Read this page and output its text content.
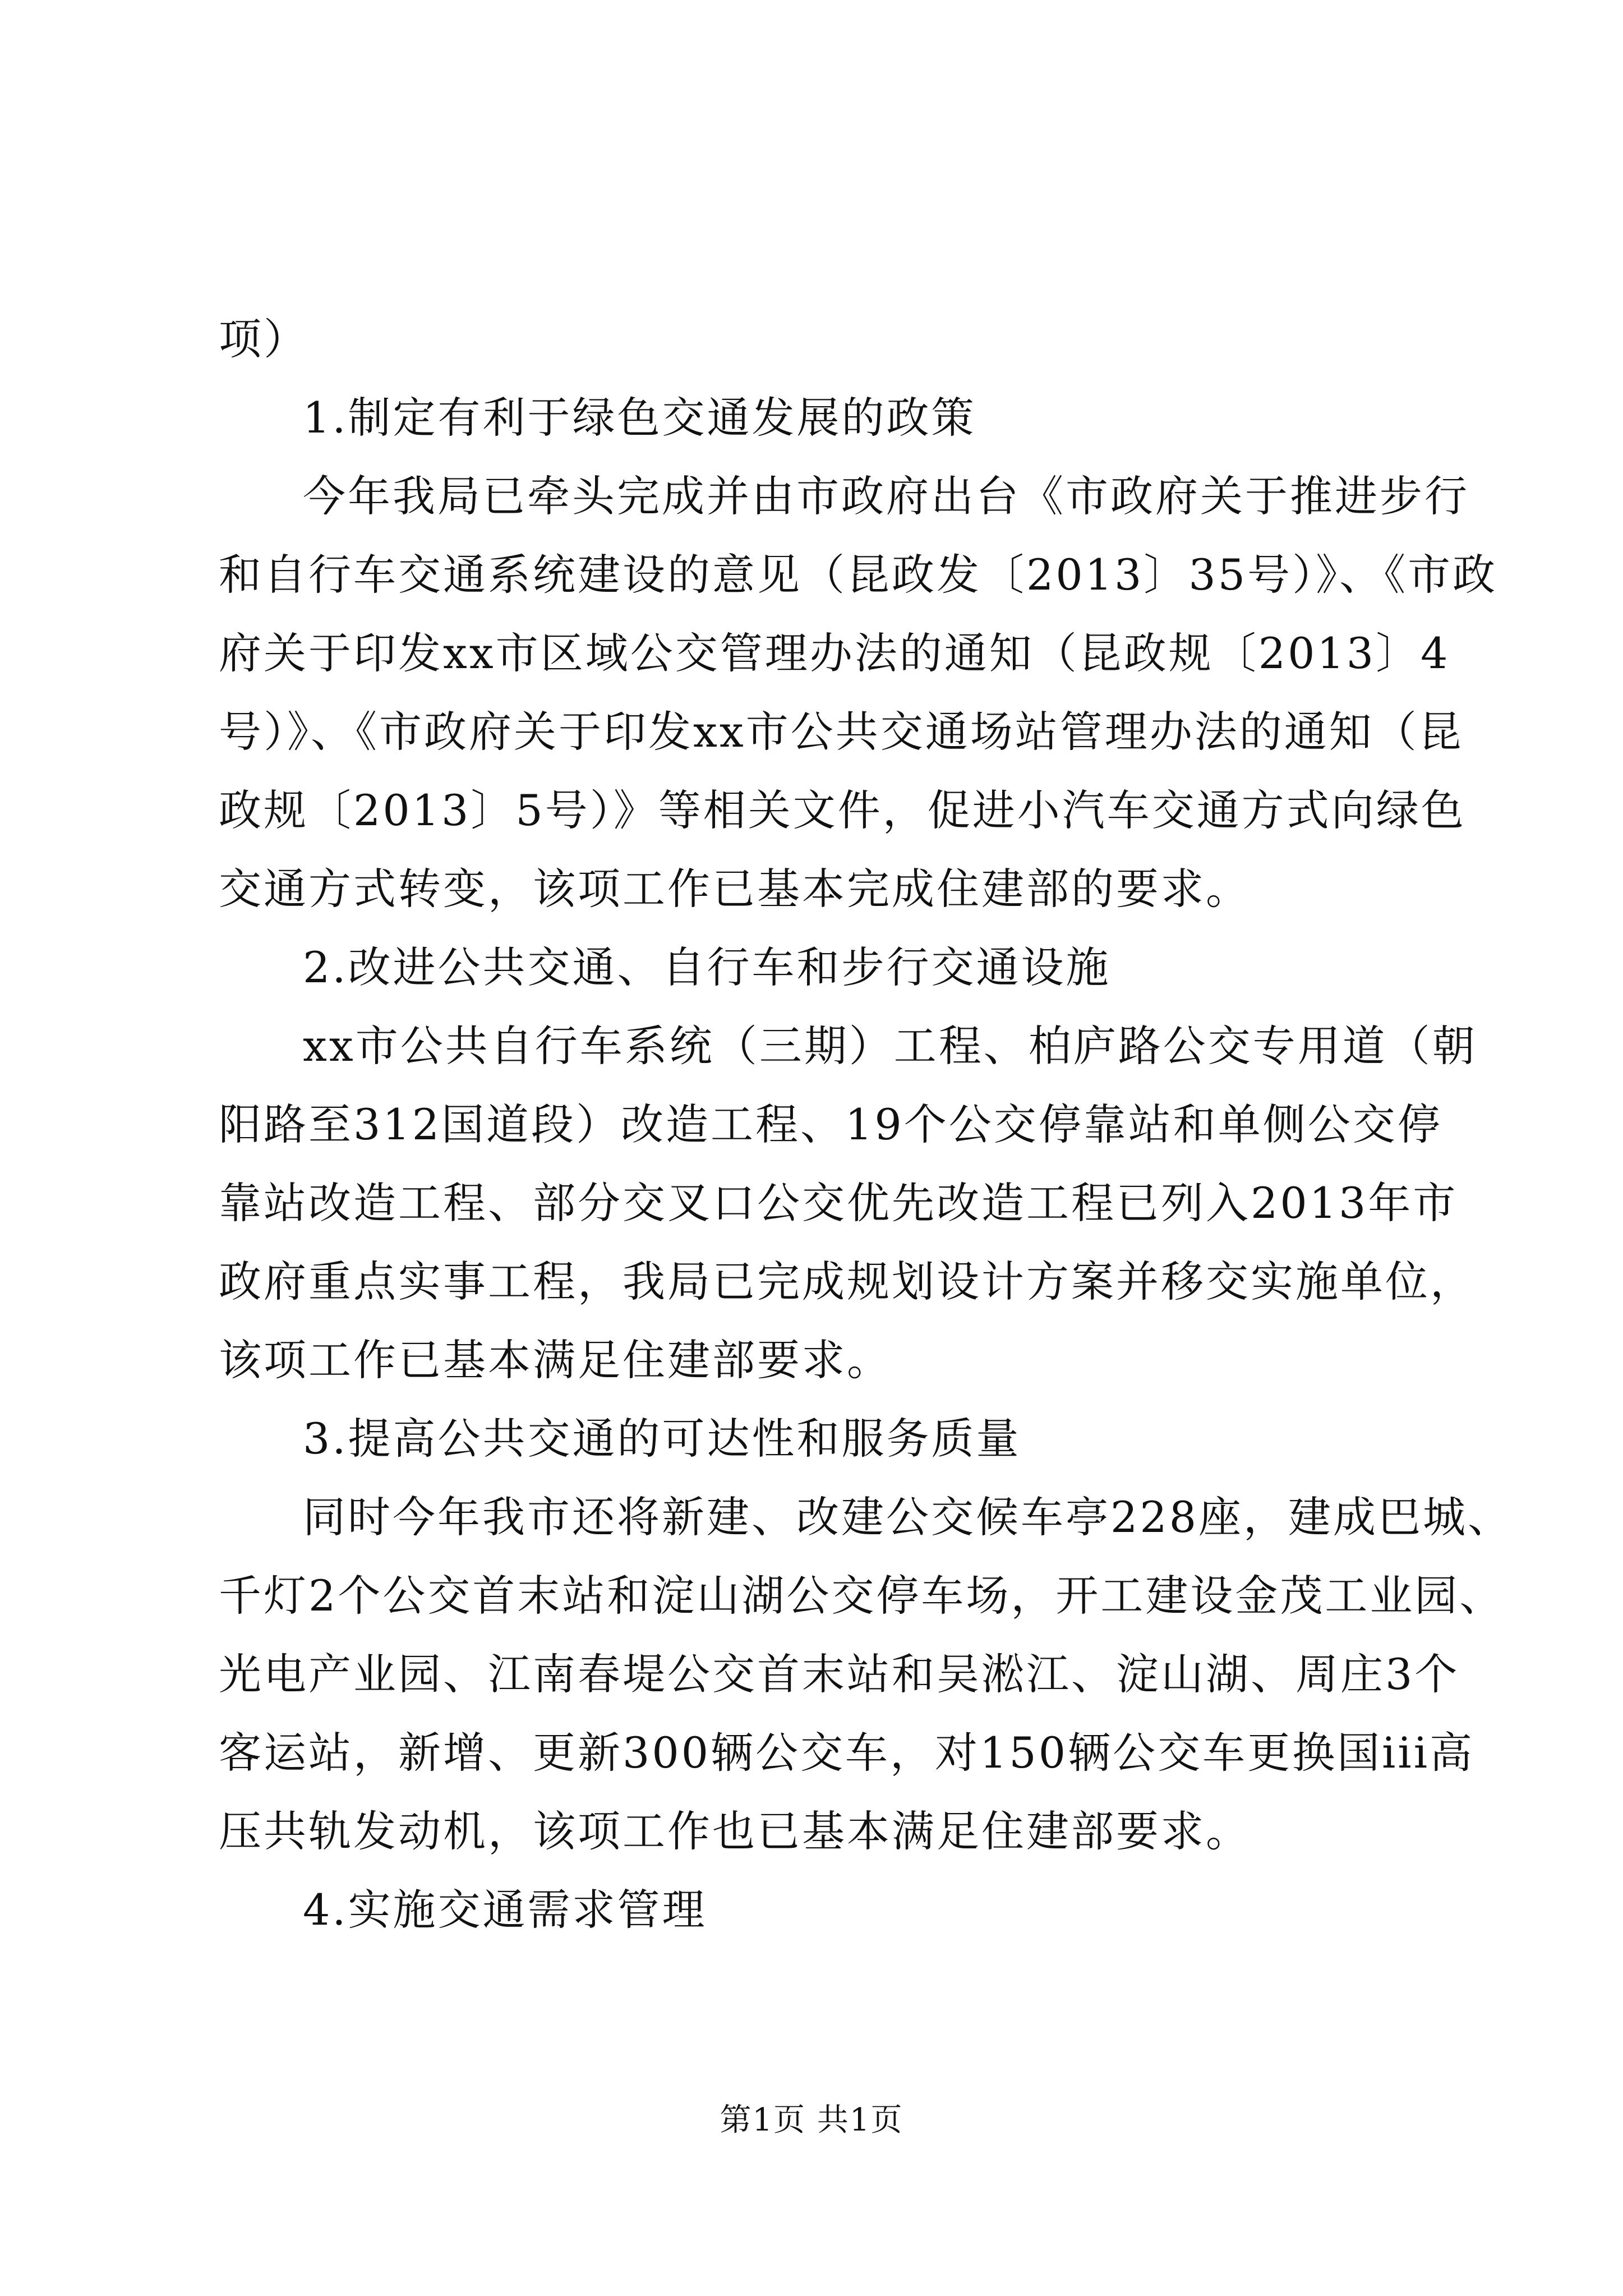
项）
1.制定有利于绿色交通发展的政策
今年我局已牵头完成并由市政府出台《市政府关于推进步行
和自行车交通系统建设的意见（昆政发〔2013〕35号）》、《市政
府关于印发xx市区域公交管理办法的通知（昆政规〔2013〕4
号）》、《市政府关于印发xx市公共交通场站管理办法的通知（昆
政规〔2013〕5号）》等相关文件，促进小汽车交通方式向绿色
交通方式转变，该项工作已基本完成住建部的要求。
2.改进公共交通、自行车和步行交通设施
xx市公共自行车系统（三期）工程、柏庐路公交专用道（朝
阳路至312国道段）改造工程、19个公交停靠站和单侧公交停
靠站改造工程、部分交叉口公交优先改造工程已列入2013年市
政府重点实事工程，我局已完成规划设计方案并移交实施单位，
该项工作已基本满足住建部要求。
3.提高公共交通的可达性和服务质量
同时今年我市还将新建、改建公交候车亭228座，建成巴城、
千灯2个公交首末站和淀山湖公交停车场，开工建设金茂工业园、
光电产业园、江南春堤公交首末站和吴淞江、淀山湖、周庄3个
客运站，新增、更新300辆公交车，对150辆公交车更换国iii高
压共轨发动机，该项工作也已基本满足住建部要求。
4.实施交通需求管理
第1页 共1页
